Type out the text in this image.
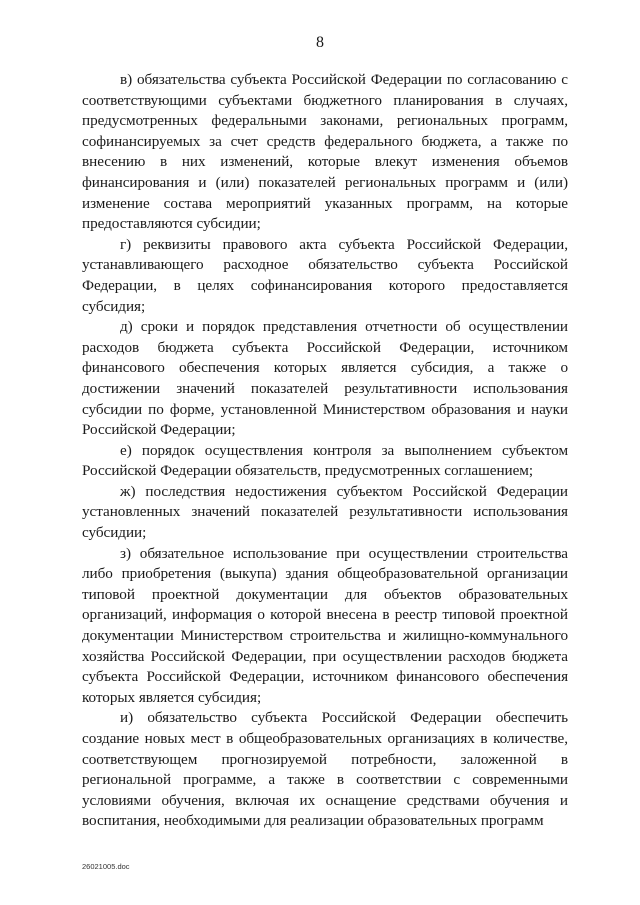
8

в) обязательства субъекта Российской Федерации по согласованию с соответствующими субъектами бюджетного планирования в случаях, предусмотренных федеральными законами, региональных программ, софинансируемых за счет средств федерального бюджета, а также по внесению в них изменений, которые влекут изменения объемов финансирования и (или) показателей региональных программ и (или) изменение состава мероприятий указанных программ, на которые предоставляются субсидии;

г) реквизиты правового акта субъекта Российской Федерации, устанавливающего расходное обязательство субъекта Российской Федерации, в целях софинансирования которого предоставляется субсидия;

д) сроки и порядок представления отчетности об осуществлении расходов бюджета субъекта Российской Федерации, источником финансового обеспечения которых является субсидия, а также о достижении значений показателей результативности использования субсидии по форме, установленной Министерством образования и науки Российской Федерации;

е) порядок осуществления контроля за выполнением субъектом Российской Федерации обязательств, предусмотренных соглашением;

ж) последствия недостижения субъектом Российской Федерации установленных значений показателей результативности использования субсидии;

з) обязательное использование при осуществлении строительства либо приобретения (выкупа) здания общеобразовательной организации типовой проектной документации для объектов образовательных организаций, информация о которой внесена в реестр типовой проектной документации Министерством строительства и жилищно-коммунального хозяйства Российской Федерации, при осуществлении расходов бюджета субъекта Российской Федерации, источником финансового обеспечения которых является субсидия;

и) обязательство субъекта Российской Федерации обеспечить создание новых мест в общеобразовательных организациях в количестве, соответствующем прогнозируемой потребности, заложенной в региональной программе, а также в соответствии с современными условиями обучения, включая их оснащение средствами обучения и воспитания, необходимыми для реализации образовательных программ

26021005.doc
